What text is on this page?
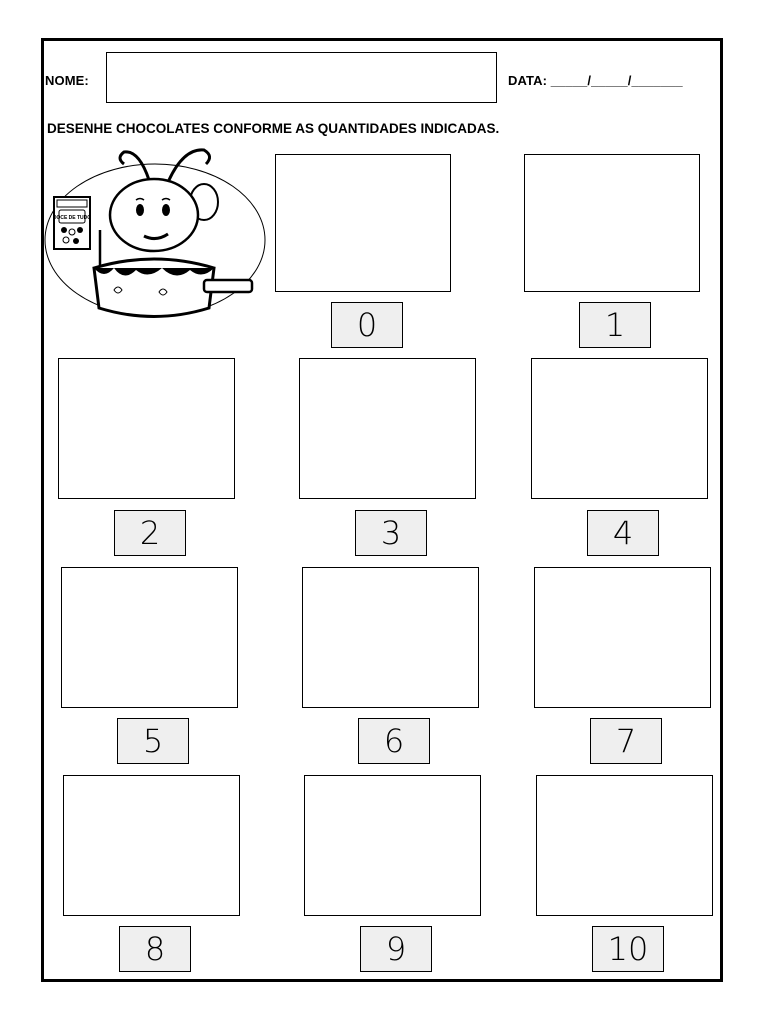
NOME:	DATA: _____/_____/_______
DESENHE CHOCOLATES CONFORME AS QUANTIDADES INDICADAS.
DOCE DE TUDO
0	1
2	3	4
5	6	7
8	9	10
